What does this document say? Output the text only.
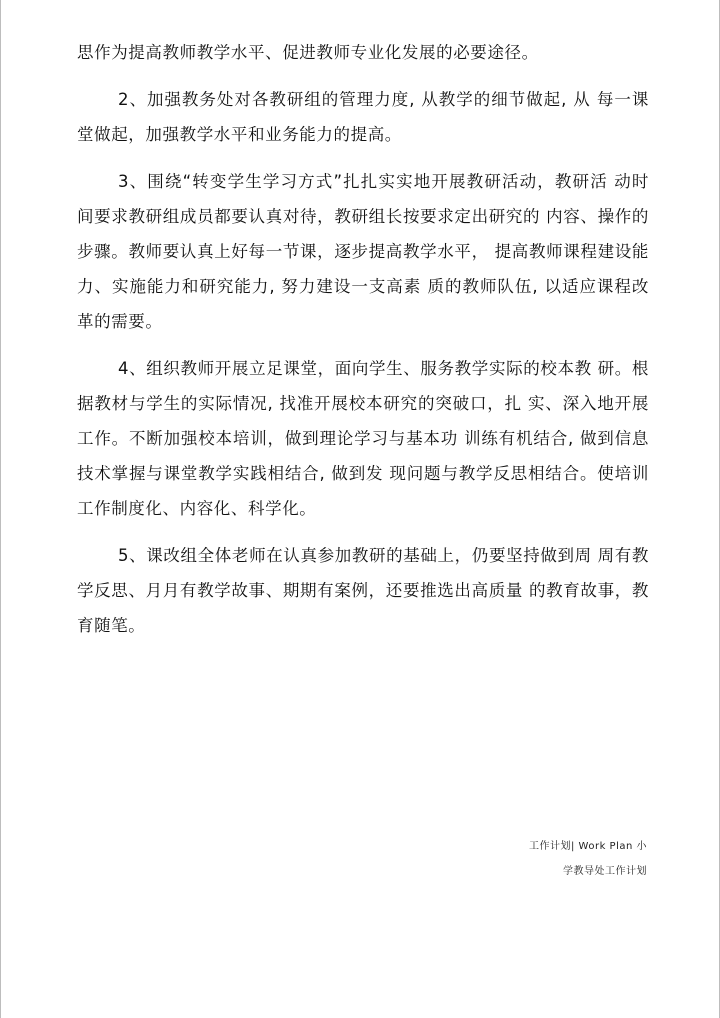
思作为提高教师教学水平、促进教师专业化发展的必要途径。

2、加强教务处对各教研组的管理力度, 从教学的细节做起, 从 每一课堂做起，加强教学水平和业务能力的提高。

3、围绕“转变学生学习方式”扎扎实实地开展教研活动，教研活 动时间要求教研组成员都要认真对待，教研组长按要求定出研究的 内容、操作的步骤。教师要认真上好每一节课，逐步提高教学水平， 提高教师课程建设能力、实施能力和研究能力, 努力建设一支高素 质的教师队伍, 以适应课程改革的需要。

4、组织教师开展立足课堂，面向学生、服务教学实际的校本教 研。根据教材与学生的实际情况, 找准开展校本研究的突破口，扎 实、深入地开展工作。不断加强校本培训，做到理论学习与基本功 训练有机结合, 做到信息技术掌握与课堂教学实践相结合, 做到发 现问题与教学反思相结合。使培训工作制度化、内容化、科学化。

5、课改组全体老师在认真参加教研的基础上，仍要坚持做到周 周有教学反思、月月有教学故事、期期有案例，还要推选出高质量 的教育故事，教育随笔。

工作计划| Work Plan 小
学教导处工作计划
